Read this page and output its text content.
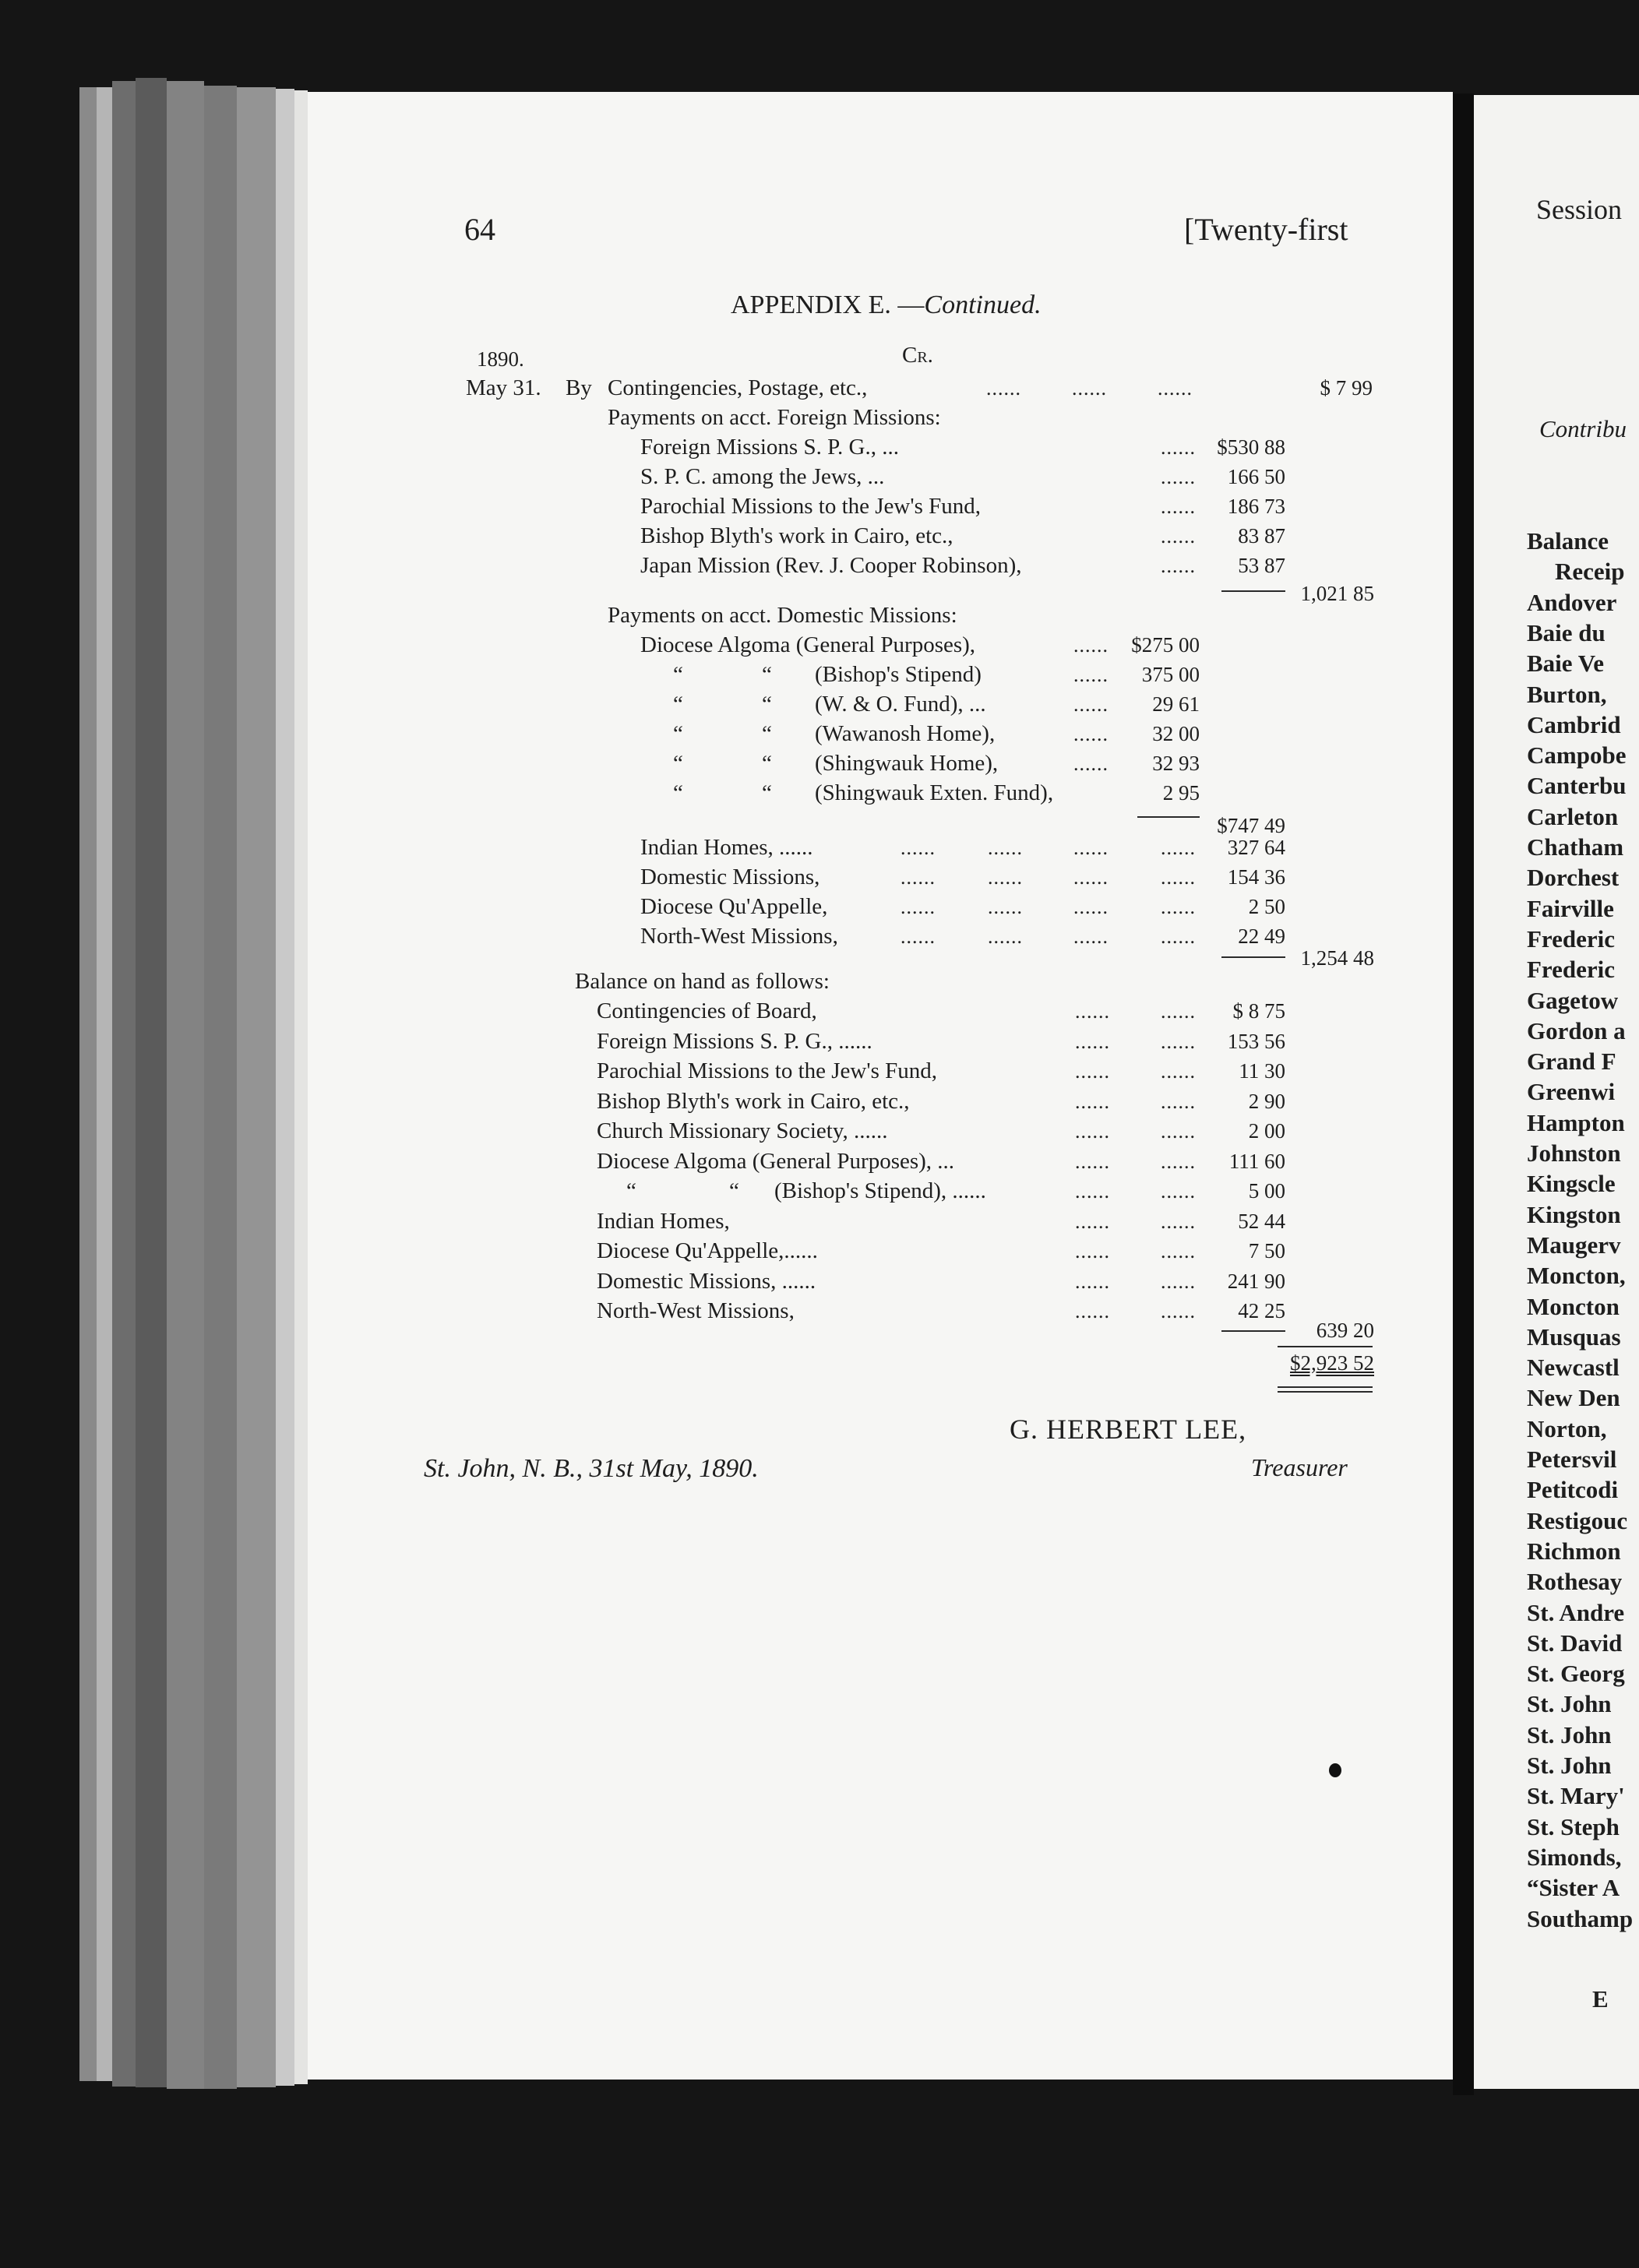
64	[Twenty-first
APPENDIX E. —Continued.
Cr.
1890.
May 31. By Contingencies, Postage, etc.,	......	......	......	$ 7 99
Payments on acct. Foreign Missions:
Foreign Missions S. P. G., ...	......	$530 88
S. P. C. among the Jews, ...	......	166 50
Parochial Missions to the Jew's Fund,	......	186 73
Bishop Blyth's work in Cairo, etc.,	......	83 87
Japan Mission (Rev. J. Cooper Robinson),	......	53 87
1,021 85
Payments on acct. Domestic Missions:
Diocese Algoma (General Purposes),	......	$275 00
“	“ (Bishop's Stipend)	......	375 00
“	“ (W. & O. Fund), ...	......	29 61
“	“ (Wawanosh Home),	......	32 00
“	“ (Shingwauk Home),	......	32 93
“	“ (Shingwauk Exten. Fund),	2 95
$747 49
Indian Homes, ......	......	......	......	......	327 64
Domestic Missions,	......	......	......	......	154 36
Diocese Qu'Appelle,	......	......	......	......	2 50
North-West Missions,	......	......	......	......	22 49
1,254 48
Balance on hand as follows:
Contingencies of Board,	......	......	$ 8 75
Foreign Missions S. P. G., ......	......	......	153 56
Parochial Missions to the Jew's Fund,	......	......	11 30
Bishop Blyth's work in Cairo, etc.,	......	......	2 90
Church Missionary Society, ......	......	......	2 00
Diocese Algoma (General Purposes), ...	......	......	111 60
“	“ (Bishop's Stipend), ......	......	......	5 00
Indian Homes,	......	......	52 44
Diocese Qu'Appelle,......	......	......	7 50
Domestic Missions, ......	......	......	241 90
North-West Missions,	......	......	42 25
639 20
$2,923 52
G. HERBERT LEE,
Treasurer
St. John, N. B., 31st May, 1890.
Session
Contribu
Balance
Receip
Andover
Baie du
Baie Ve
Burton,
Cambrid
Campobe
Canterbu
Carleton
Chatham
Dorchest
Fairville
Frederic
Frederic
Gagetow
Gordon a
Grand F
Greenwi
Hampton
Johnston
Kingscle
Kingston
Maugerv
Moncton,
Moncton
Musquas
Newcastl
New Den
Norton,
Petersvil
Petitcodi
Restigouc
Richmon
Rothesay
St. Andre
St. David
St. Georg
St. John
St. John
St. John
St. Mary'
St. Steph
Simonds,
“Sister A
Southamp
E
